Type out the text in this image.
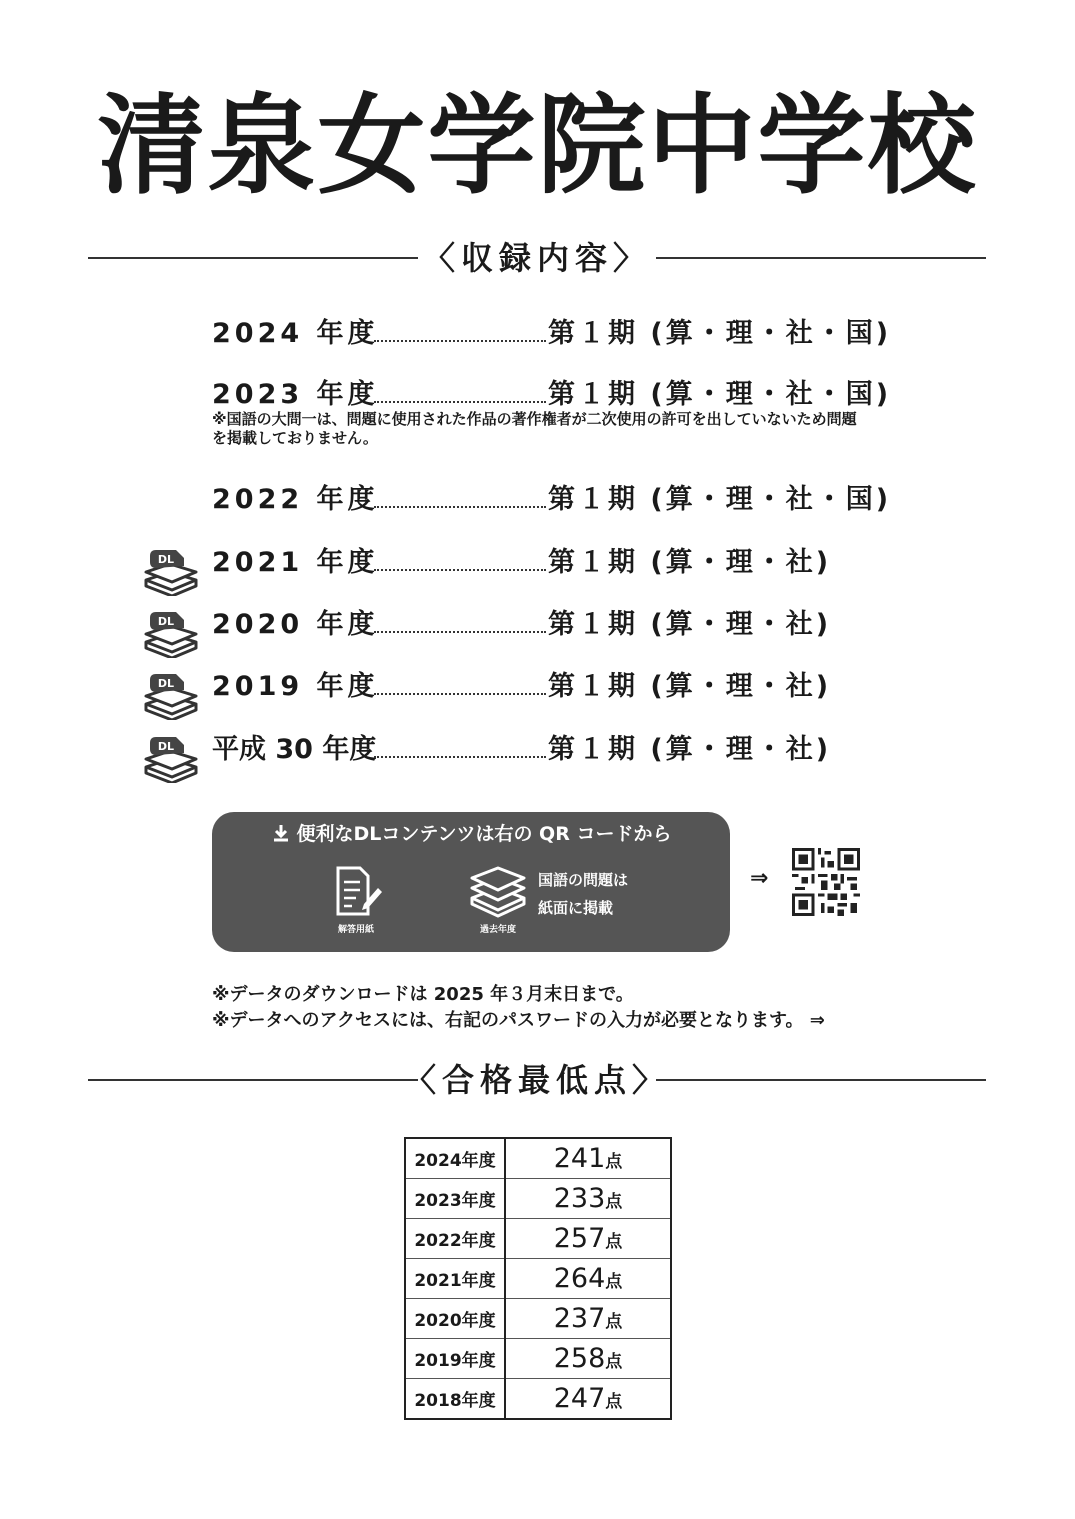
清泉女学院中学校
〈収録内容〉
2024 年度	第１期 (算・理・社・国)
2023 年度	第１期 (算・理・社・国)
※国語の大問一は、問題に使用された作品の著作権者が二次使用の許可を出していないため問題を掲載しておりません。
2022 年度	第１期 (算・理・社・国)
2021 年度	第１期 (算・理・社)
2020 年度	第１期 (算・理・社)
2019 年度	第１期 (算・理・社)
平成 30 年度	第１期 (算・理・社)
DL
DL
DL
DL
便利なDLコンテンツは右の QR コードから
解答用紙	過去年度
国語の問題は
紙面に掲載
⇒
※データのダウンロードは 2025 年３月末日まで。
※データへのアクセスには、右記のパスワードの入力が必要となります。 ⇒
〈合格最低点〉
2024年度	241点
2023年度	233点
2022年度	257点
2021年度	264点
2020年度	237点
2019年度	258点
2018年度	247点
